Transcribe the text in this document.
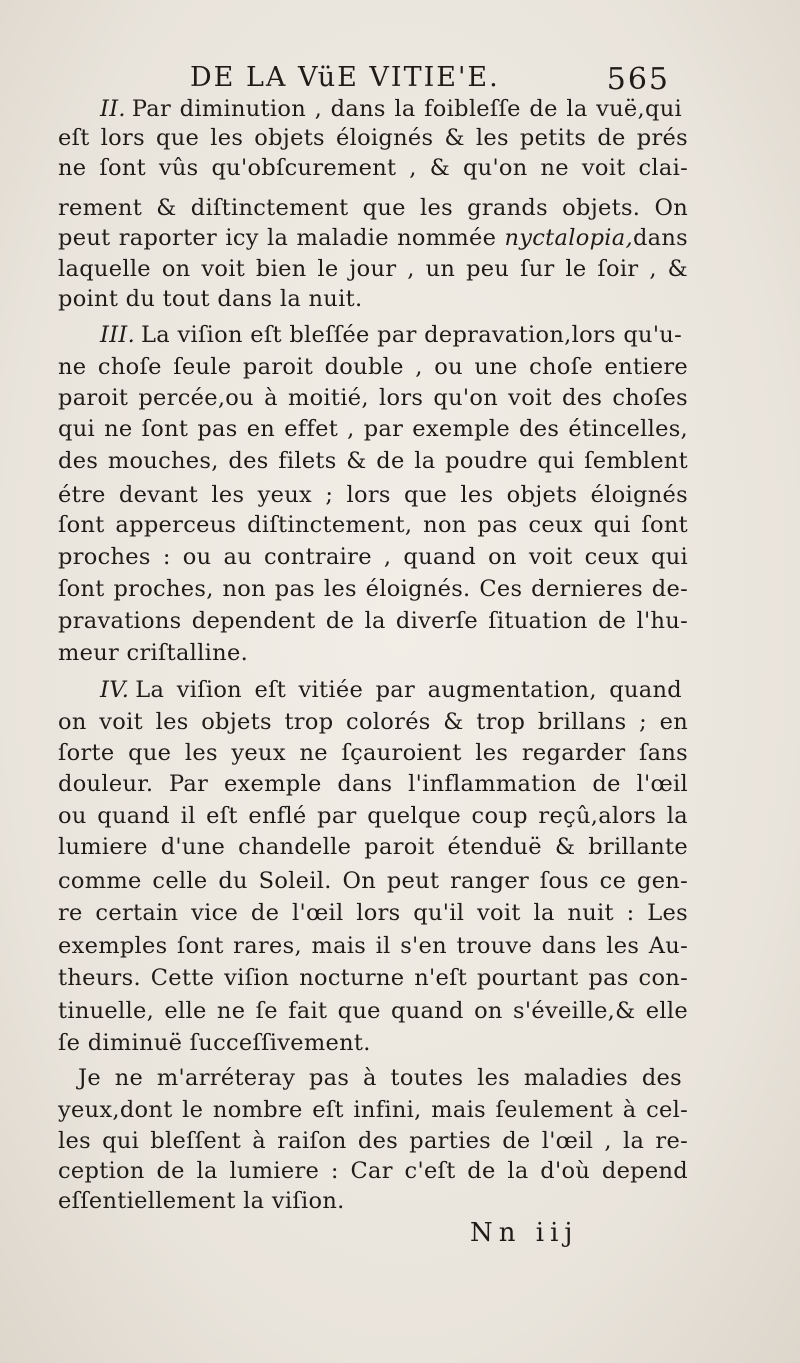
DE LA VüE VITIE'E.	565
II. Par diminution , dans la foibleſſe de la vuë,qui
eſt lors que les objets éloignés & les petits de prés
ne ſont vûs qu'obſcurement , & qu'on ne voit clai-
rement & diſtinctement que les grands objets. On
peut raporter icy la maladie nommée nyctalopia,dans
laquelle on voit bien le jour , un peu ſur le ſoir , &
point du tout dans la nuit.
III. La viſion eſt bleſſée par depravation,lors qu'u-
ne choſe ſeule paroit double , ou une choſe entiere
paroit percée,ou à moitié, lors qu'on voit des choſes
qui ne ſont pas en effet , par exemple des étincelles,
des mouches, des filets & de la poudre qui ſemblent
étre devant les yeux ; lors que les objets éloignés
ſont apperceus diſtinctement, non pas ceux qui ſont
proches : ou au contraire , quand on voit ceux qui
ſont proches, non pas les éloignés. Ces dernieres de-
pravations dependent de la diverſe ſituation de l'hu-
meur criſtalline.
IV. La viſion eſt vitiée par augmentation, quand
on voit les objets trop colorés & trop brillans ; en
ſorte que les yeux ne ſçauroient les regarder ſans
douleur. Par exemple dans l'inflammation de l'œil
ou quand il eſt enflé par quelque coup reçû,alors la
lumiere d'une chandelle paroit étenduë & brillante
comme celle du Soleil. On peut ranger ſous ce gen-
re certain vice de l'œil lors qu'il voit la nuit : Les
exemples ſont rares, mais il s'en trouve dans les Au-
theurs. Cette viſion nocturne n'eſt pourtant pas con-
tinuelle, elle ne ſe fait que quand on s'éveille,& elle
ſe diminuë ſucceſſivement.
Je ne m'arréteray pas à toutes les maladies des
yeux,dont le nombre eſt infini, mais ſeulement à cel-
les qui bleſſent à raiſon des parties de l'œil , la re-
ception de la lumiere : Car c'eſt de la d'où depend
eſſentiellement la viſion.
Nn iij
